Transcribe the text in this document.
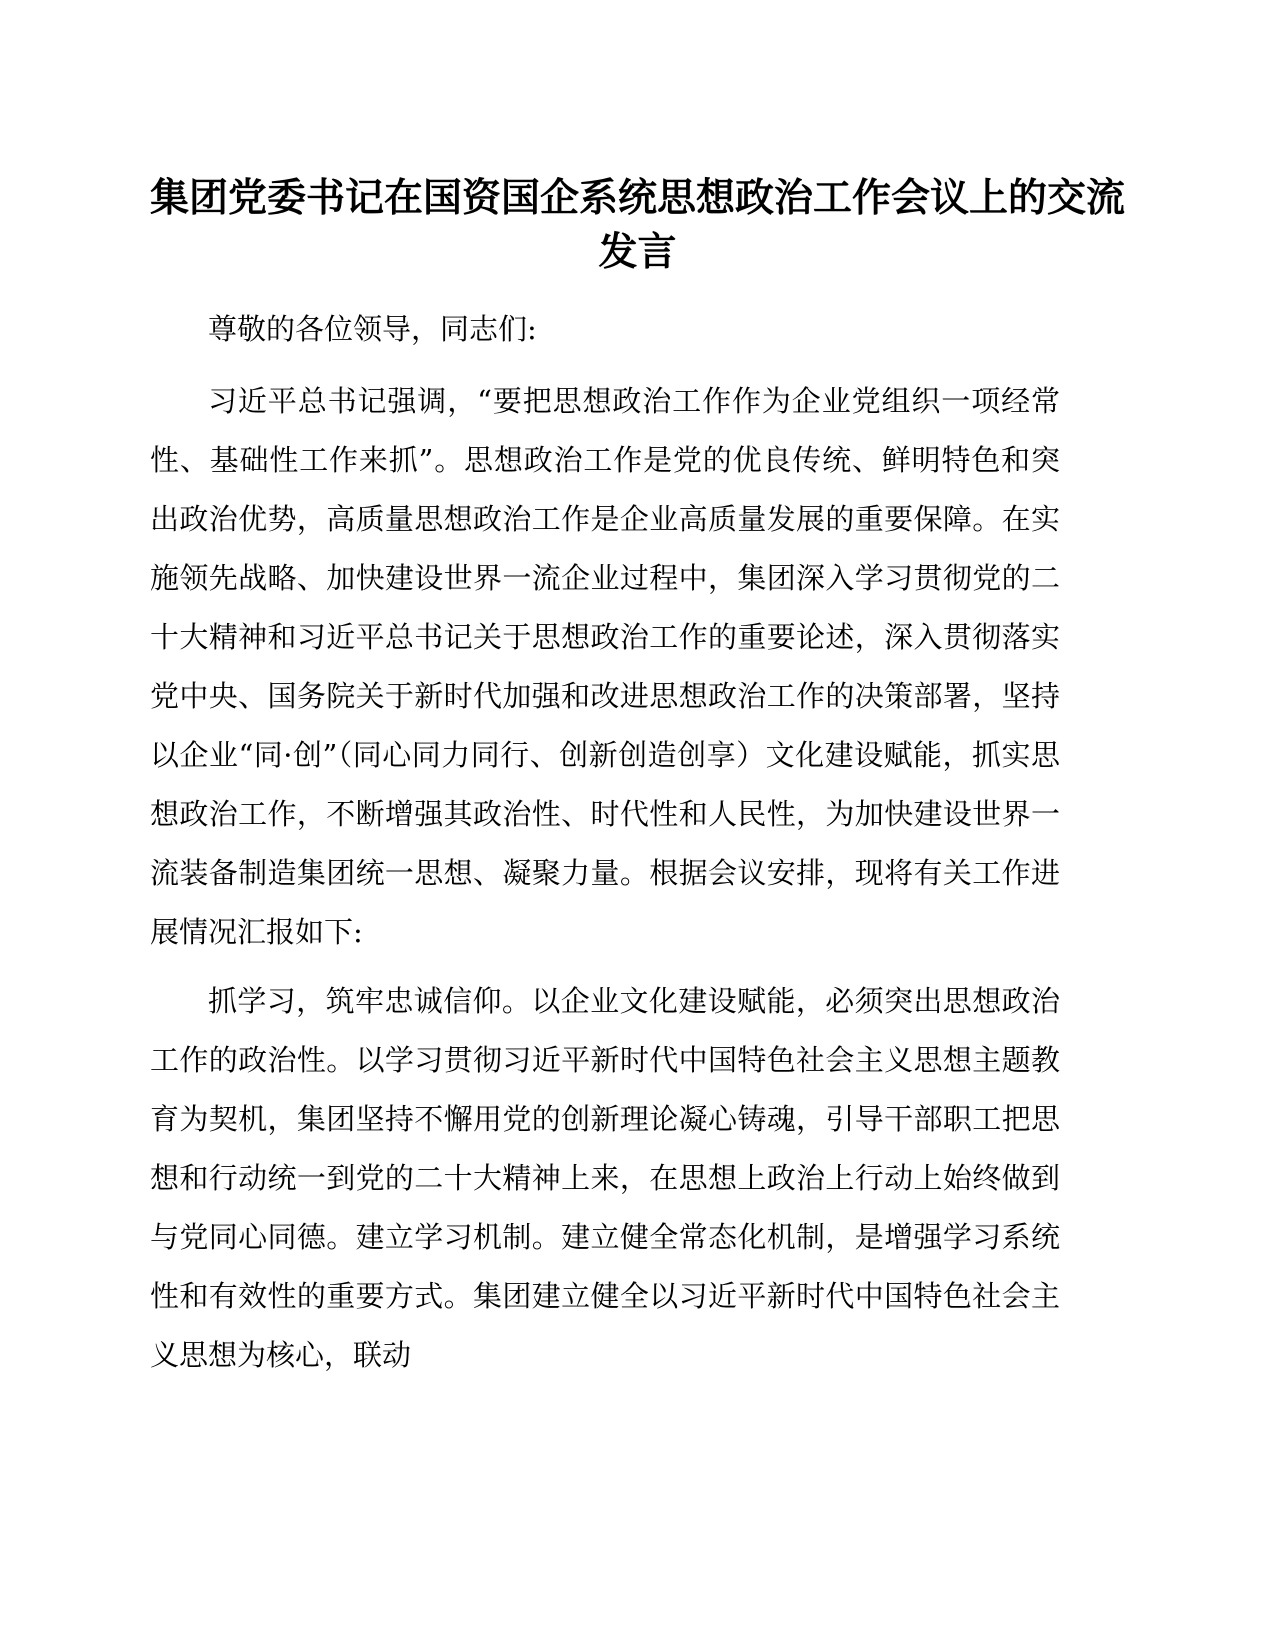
集团党委书记在国资国企系统思想政治工作会议上的交流发言

尊敬的各位领导，同志们:

习近平总书记强调，“要把思想政治工作作为企业党组织一项经常性、基础性工作来抓”。思想政治工作是党的优良传统、鲜明特色和突出政治优势，高质量思想政治工作是企业高质量发展的重要保障。在实施领先战略、加快建设世界一流企业过程中，集团深入学习贯彻党的二十大精神和习近平总书记关于思想政治工作的重要论述，深入贯彻落实党中央、国务院关于新时代加强和改进思想政治工作的决策部署，坚持以企业“同·创”（同心同力同行、创新创造创享）文化建设赋能，抓实思想政治工作，不断增强其政治性、时代性和人民性，为加快建设世界一流装备制造集团统一思想、凝聚力量。根据会议安排，现将有关工作进展情况汇报如下:

抓学习，筑牢忠诚信仰。以企业文化建设赋能，必须突出思想政治工作的政治性。以学习贯彻习近平新时代中国特色社会主义思想主题教育为契机，集团坚持不懈用党的创新理论凝心铸魂，引导干部职工把思想和行动统一到党的二十大精神上来，在思想上政治上行动上始终做到与党同心同德。建立学习机制。建立健全常态化机制，是增强学习系统性和有效性的重要方式。集团建立健全以习近平新时代中国特色社会主义思想为核心，联动
